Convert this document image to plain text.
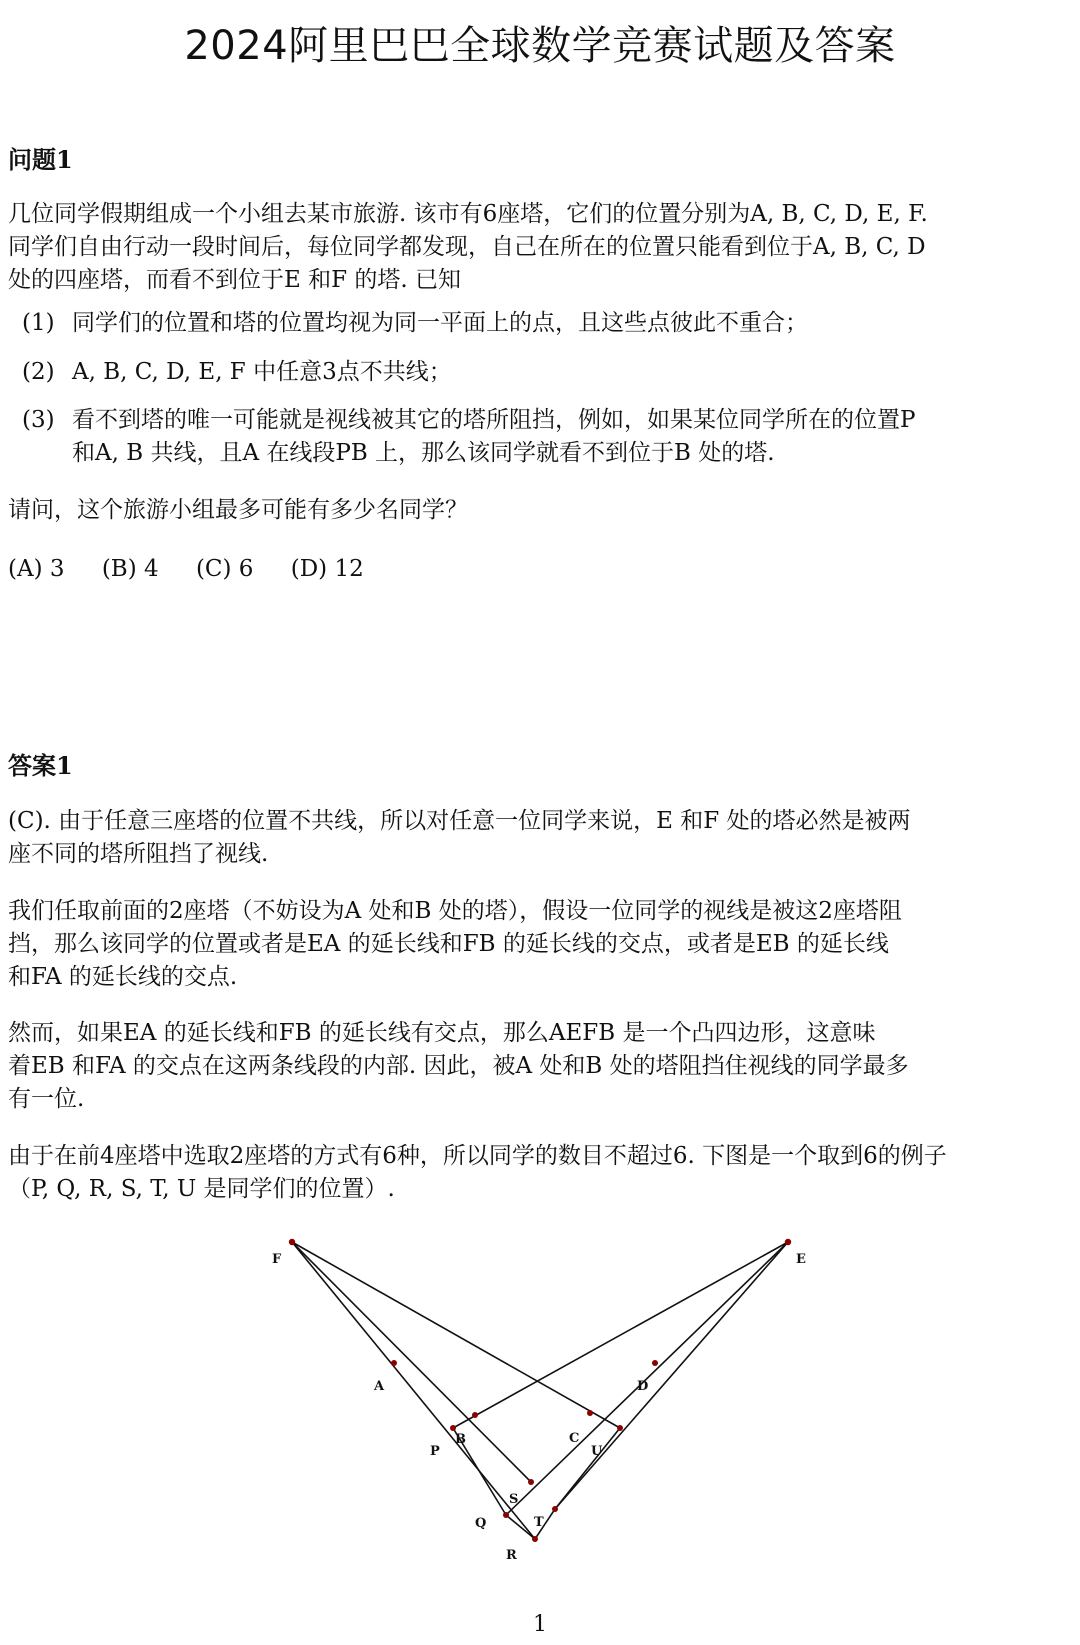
2024阿里巴巴全球数学竞赛试题及答案
问题1
几位同学假期组成一个小组去某市旅游. 该市有6座塔，它们的位置分别为A, B, C, D, E, F.
同学们自由行动一段时间后，每位同学都发现，自己在所在的位置只能看到位于A, B, C, D
处的四座塔，而看不到位于E 和F 的塔. 已知
(1) 同学们的位置和塔的位置均视为同一平面上的点，且这些点彼此不重合；
(2) A, B, C, D, E, F 中任意3点不共线；
(3) 看不到塔的唯一可能就是视线被其它的塔所阻挡，例如，如果某位同学所在的位置P
和A, B 共线，且A 在线段PB 上，那么该同学就看不到位于B 处的塔.
请问，这个旅游小组最多可能有多少名同学？
(A) 3 (B) 4 (C) 6 (D) 12
答案1
(C). 由于任意三座塔的位置不共线，所以对任意一位同学来说，E 和F 处的塔必然是被两
座不同的塔所阻挡了视线.
我们任取前面的2座塔（不妨设为A 处和B 处的塔），假设一位同学的视线是被这2座塔阻
挡，那么该同学的位置或者是EA 的延长线和FB 的延长线的交点，或者是EB 的延长线
和FA 的延长线的交点.
然而，如果EA 的延长线和FB 的延长线有交点，那么AEFB 是一个凸四边形，这意味
着EB 和FA 的交点在这两条线段的内部. 因此，被A 处和B 处的塔阻挡住视线的同学最多
有一位.
由于在前4座塔中选取2座塔的方式有6种，所以同学的数目不超过6. 下图是一个取到6的例子
（P, Q, R, S, T, U 是同学们的位置）.
F	E
A
B	C
D
P
Q
R
S
T
U
1
